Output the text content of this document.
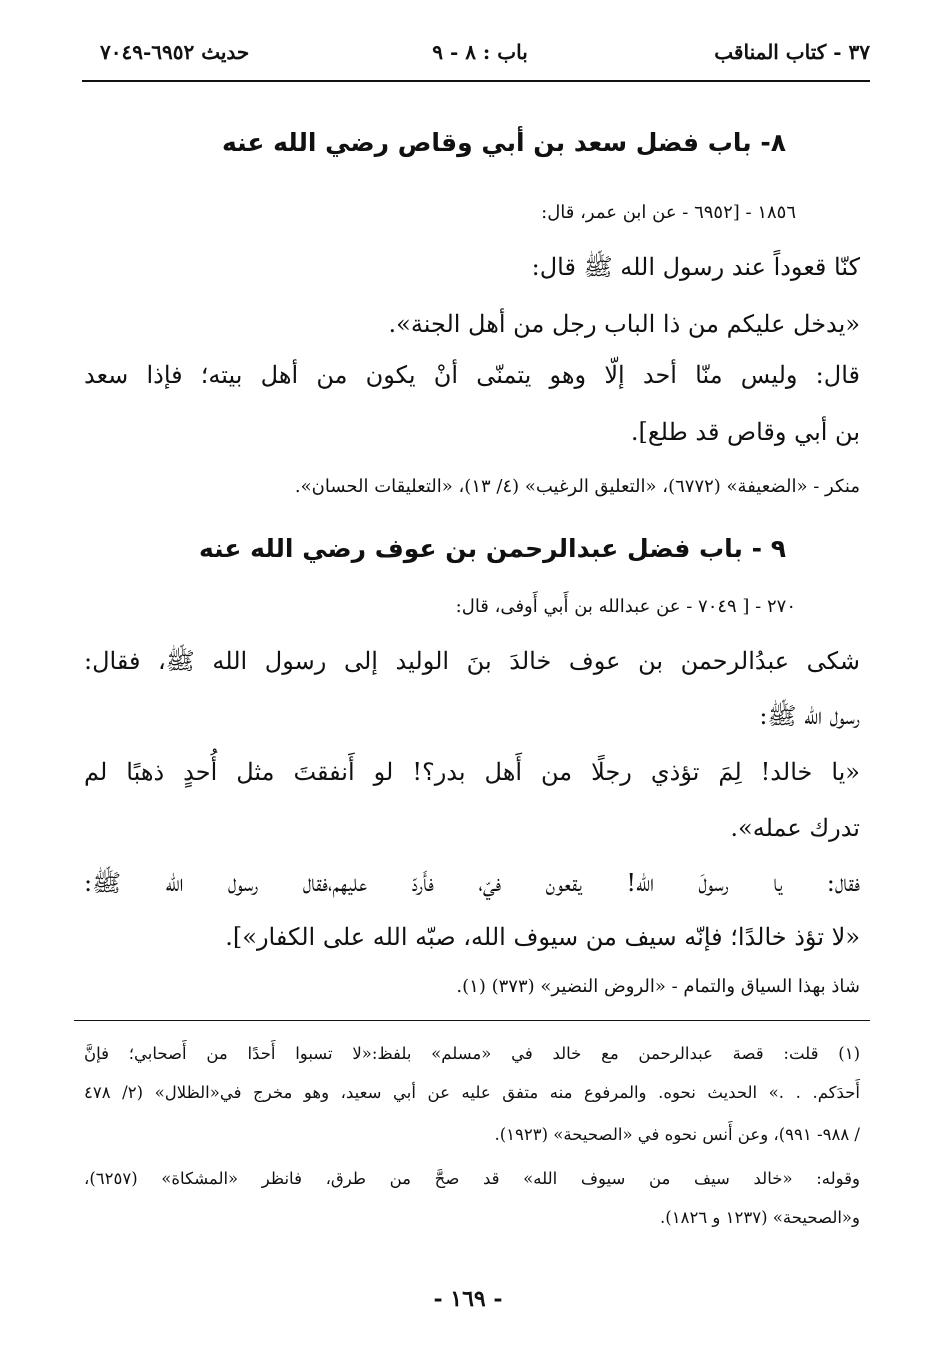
٣٧ - كتاب المناقب
باب : ٨ - ٩
حديث ٦٩٥٢-٧٠٤٩
٨- باب فضل سعد بن أبي وقاص رضي الله عنه
١٨٥٦ - [٦٩٥٢ - عن ابن عمر، قال:
كنّا قعوداً عند رسول الله ﷺ قال:
«يدخل عليكم من ذا الباب رجل من أهل الجنة».
قال: وليس منّا أحد إلّا وهو يتمنّى أنْ يكون من أهل بيته؛ فإذا سعد
بن أبي وقاص قد طلع].
منكر - «الضعيفة» (٦٧٧٢)، «التعليق الرغيب» (٤/ ١٣)، «التعليقات الحسان».
٩ - باب فضل عبدالرحمن بن عوف رضي الله عنه
٢٧٠ - [ ٧٠٤٩ - عن عبدالله بن أَبي أَوفى، قال:
شكى عبدُالرحمن بن عوف خالدَ بنَ الوليد إلى رسول الله ﷺ، فقال:
رسول الله ﷺ:
«يا خالد! لِمَ تؤذي رجلًا من أَهل بدر؟! لو أَنفقتَ مثل أُحدٍ ذهبًا لم
تدرك عمله».
فقال: يا رسولَ الله! يقعون فيّ، فأَردّ عليهم،فقال رسول الله ﷺ:
«لا تؤذ خالدًا؛ فإنّه سيف من سيوف الله، صبّه الله على الكفار»].
شاذ بهذا السياق والتمام - «الروض النضير» (٣٧٣) (١).
(١) قلت: قصة عبدالرحمن مع خالد في «مسلم» بلفظ:«لا تسبوا أَحدًا من أَصحابي؛ فإنَّ
أَحدَكم. . .» الحديث نحوه. والمرفوع منه متفق عليه عن أبي سعيد، وهو مخرج في«الظلال» (٢/ ٤٧٨
/ ٩٨٨- ٩٩١)، وعن أَنس نحوه في «الصحيحة» (١٩٢٣).
وقوله: «خالد سيف من سيوف الله» قد صحَّ من طرق، فانظر «المشكاة» (٦٢٥٧)،
و«الصحيحة» (١٢٣٧ و ١٨٢٦).
- ١٦٩ -
